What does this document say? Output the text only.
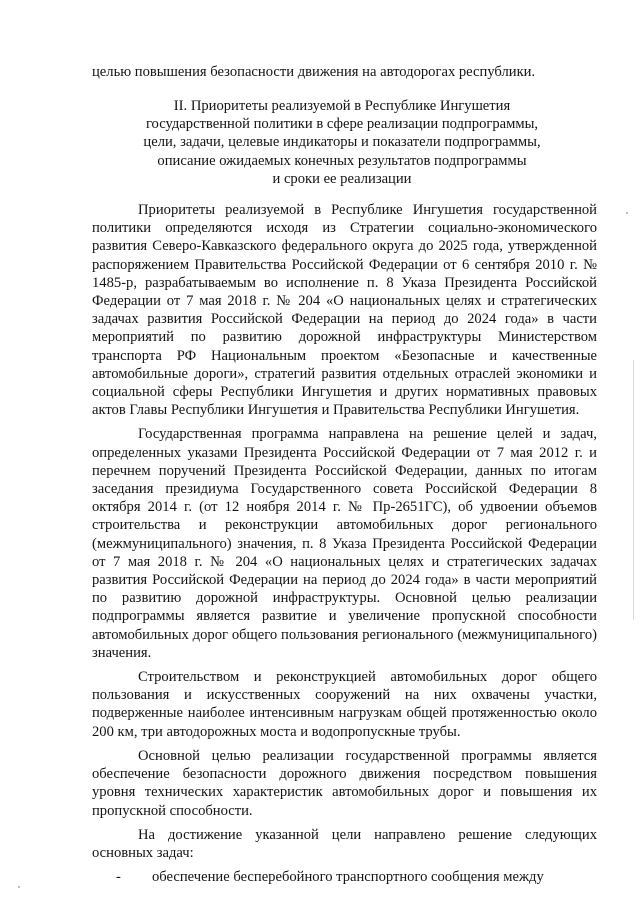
целью повышения безопасности движения на автодорогах республики.
II. Приоритеты реализуемой в Республике Ингушетия
государственной политики в сфере реализации подпрограммы,
цели, задачи, целевые индикаторы и показатели подпрограммы,
описание ожидаемых конечных результатов подпрограммы
и сроки ее реализации

Приоритеты реализуемой в Республике Ингушетия государственной политики определяются исходя из Стратегии социально-экономического развития Северо-Кавказского федерального округа до 2025 года, утвержденной распоряжением Правительства Российской Федерации от 6 сентября 2010 г. № 1485-р, разрабатываемым во исполнение п. 8 Указа Президента Российской Федерации от 7 мая 2018 г. № 204 «О национальных целях и стратегических задачах развития Российской Федерации на период до 2024 года» в части мероприятий по развитию дорожной инфраструктуры Министерством транспорта РФ Национальным проектом «Безопасные и качественные автомобильные дороги», стратегий развития отдельных отраслей экономики и социальной сферы Республики Ингушетия и других нормативных правовых актов Главы Республики Ингушетия и Правительства Республики Ингушетия.

Государственная программа направлена на решение целей и задач, определенных указами Президента Российской Федерации от 7 мая 2012 г. и перечнем поручений Президента Российской Федерации, данных по итогам заседания президиума Государственного совета Российской Федерации 8 октября 2014 г. (от 12 ноября 2014 г. № Пр-2651ГС), об удвоении объемов строительства и реконструкции автомобильных дорог регионального (межмуниципального) значения, п. 8 Указа Президента Российской Федерации от 7 мая 2018 г. № 204 «О национальных целях и стратегических задачах развития Российской Федерации на период до 2024 года» в части мероприятий по развитию дорожной инфраструктуры. Основной целью реализации подпрограммы является развитие и увеличение пропускной способности автомобильных дорог общего пользования регионального (межмуниципального) значения.

Строительством и реконструкцией автомобильных дорог общего пользования и искусственных сооружений на них охвачены участки, подверженные наиболее интенсивным нагрузкам общей протяженностью около 200 км, три автодорожных моста и водопропускные трубы.

Основной целью реализации государственной программы является обеспечение безопасности дорожного движения посредством повышения уровня технических характеристик автомобильных дорог и повышения их пропускной способности.

На достижение указанной цели направлено решение следующих основных задач:

- обеспечение бесперебойного транспортного сообщения между
